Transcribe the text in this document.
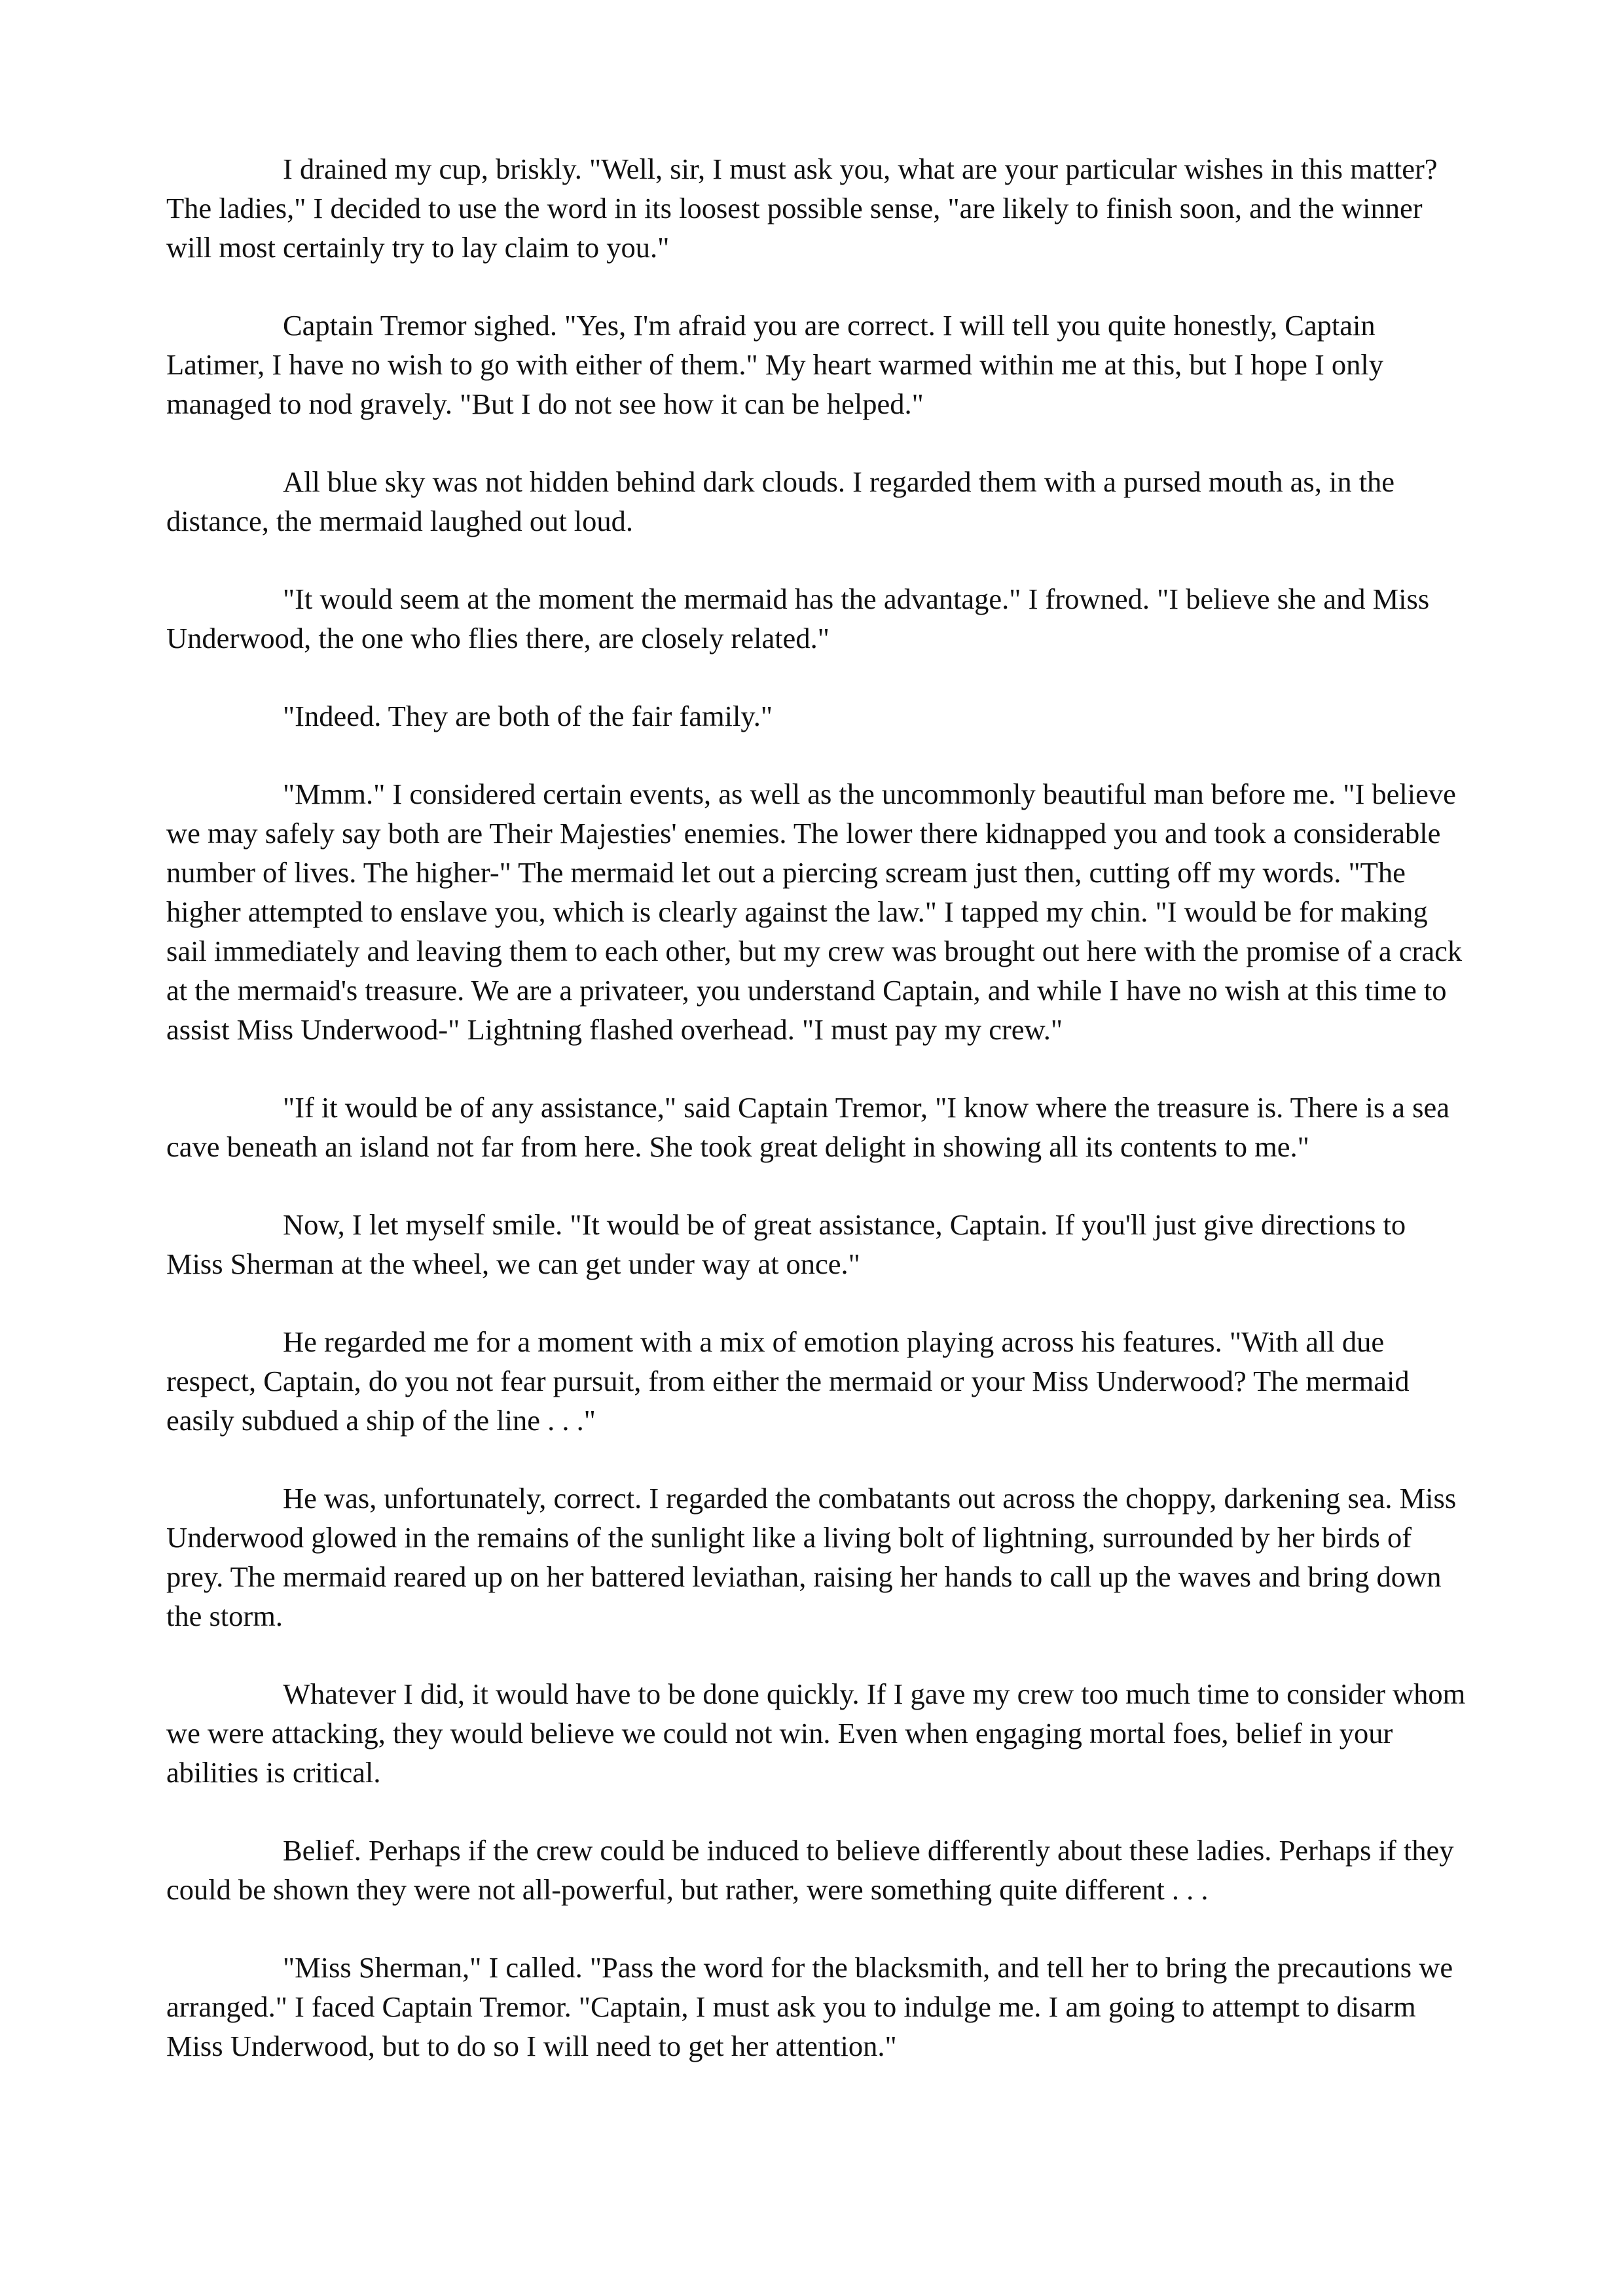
I drained my cup, briskly. "Well, sir, I must ask you, what are your particular wishes in this matter? The ladies," I decided to use the word in its loosest possible sense, "are likely to finish soon, and the winner will most certainly try to lay claim to you."

Captain Tremor sighed. "Yes, I'm afraid you are correct. I will tell you quite honestly, Captain Latimer, I have no wish to go with either of them." My heart warmed within me at this, but I hope I only managed to nod gravely. "But I do not see how it can be helped."

All blue sky was not hidden behind dark clouds. I regarded them with a pursed mouth as, in the distance, the mermaid laughed out loud.

"It would seem at the moment the mermaid has the advantage." I frowned. "I believe she and Miss Underwood, the one who flies there, are closely related."

"Indeed. They are both of the fair family."

"Mmm." I considered certain events, as well as the uncommonly beautiful man before me. "I believe we may safely say both are Their Majesties' enemies. The lower there kidnapped you and took a considerable number of lives. The higher-" The mermaid let out a piercing scream just then, cutting off my words. "The higher attempted to enslave you, which is clearly against the law." I tapped my chin. "I would be for making sail immediately and leaving them to each other, but my crew was brought out here with the promise of a crack at the mermaid's treasure. We are a privateer, you understand Captain, and while I have no wish at this time to assist Miss Underwood-" Lightning flashed overhead. "I must pay my crew."

"If it would be of any assistance," said Captain Tremor, "I know where the treasure is. There is a sea cave beneath an island not far from here. She took great delight in showing all its contents to me."

Now, I let myself smile. "It would be of great assistance, Captain. If you'll just give directions to Miss Sherman at the wheel, we can get under way at once."

He regarded me for a moment with a mix of emotion playing across his features. "With all due respect, Captain, do you not fear pursuit, from either the mermaid or your Miss Underwood? The mermaid easily subdued a ship of the line . . ."

He was, unfortunately, correct. I regarded the combatants out across the choppy, darkening sea. Miss Underwood glowed in the remains of the sunlight like a living bolt of lightning, surrounded by her birds of prey. The mermaid reared up on her battered leviathan, raising her hands to call up the waves and bring down the storm.

Whatever I did, it would have to be done quickly. If I gave my crew too much time to consider whom we were attacking, they would believe we could not win. Even when engaging mortal foes, belief in your abilities is critical.

Belief. Perhaps if the crew could be induced to believe differently about these ladies. Perhaps if they could be shown they were not all-powerful, but rather, were something quite different . . .

"Miss Sherman," I called. "Pass the word for the blacksmith, and tell her to bring the precautions we arranged." I faced Captain Tremor. "Captain, I must ask you to indulge me. I am going to attempt to disarm Miss Underwood, but to do so I will need to get her attention."
